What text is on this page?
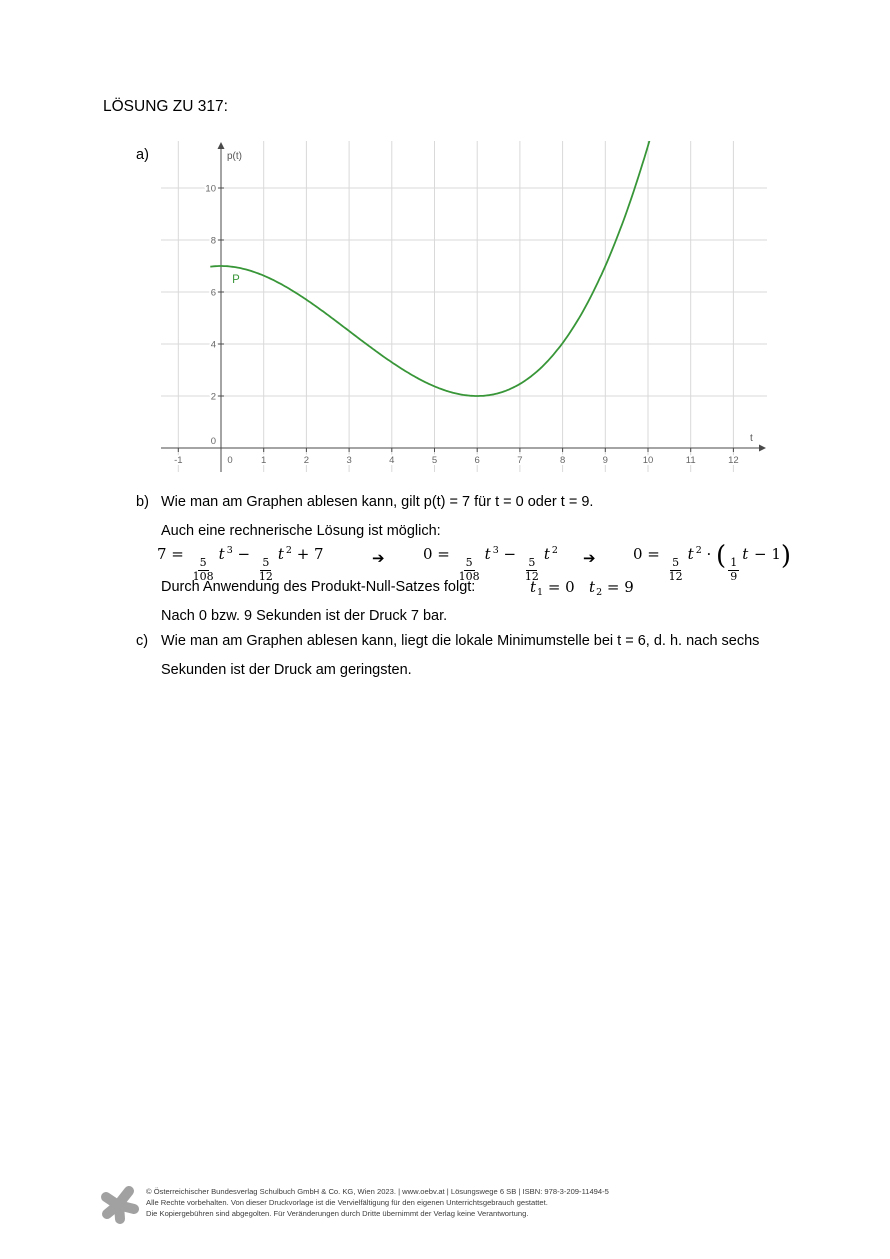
LÖSUNG ZU 317:
a)
-1	0	1	2	3	4	5	6	7	8	9	10	11	12
0
2
4
6
8
10
t
p(t)
P
b) Wie man am Graphen ablesen kann, gilt p(t) = 7 für t = 0 oder t = 9.
Auch eine rechnerische Lösung ist möglich:
7 =
$\frac{5}{108}$
t $^3$ −
$\frac{5}{12}$
t $^2$ + 7	➔	0 =
$\frac{5}{108}$
t $^3$ −
$\frac{5}{12}$
t $^2$ ➔ 0 =
$\frac{5}{12}$
t $^2$ · ( $\frac{1}{9}$
t − 1)
Durch Anwendung des Produkt-Null-Satzes folgt:	$t_1 = 0$   $t_2 = 9$
Nach 0 bzw. 9 Sekunden ist der Druck 7 bar.
c) Wie man am Graphen ablesen kann, liegt die lokale Minimumstelle bei t = 6, d. h. nach sechs
Sekunden ist der Druck am geringsten.
© Österreichischer Bundesverlag Schulbuch GmbH & Co. KG, Wien 2023. | www.oebv.at | Lösungswege 6 SB | ISBN: 978-3-209-11494-5
Alle Rechte vorbehalten. Von dieser Druckvorlage ist die Vervielfältigung für den eigenen Unterrichtsgebrauch gestattet.
Die Kopiergebühren sind abgegolten. Für Veränderungen durch Dritte übernimmt der Verlag keine Verantwortung.
